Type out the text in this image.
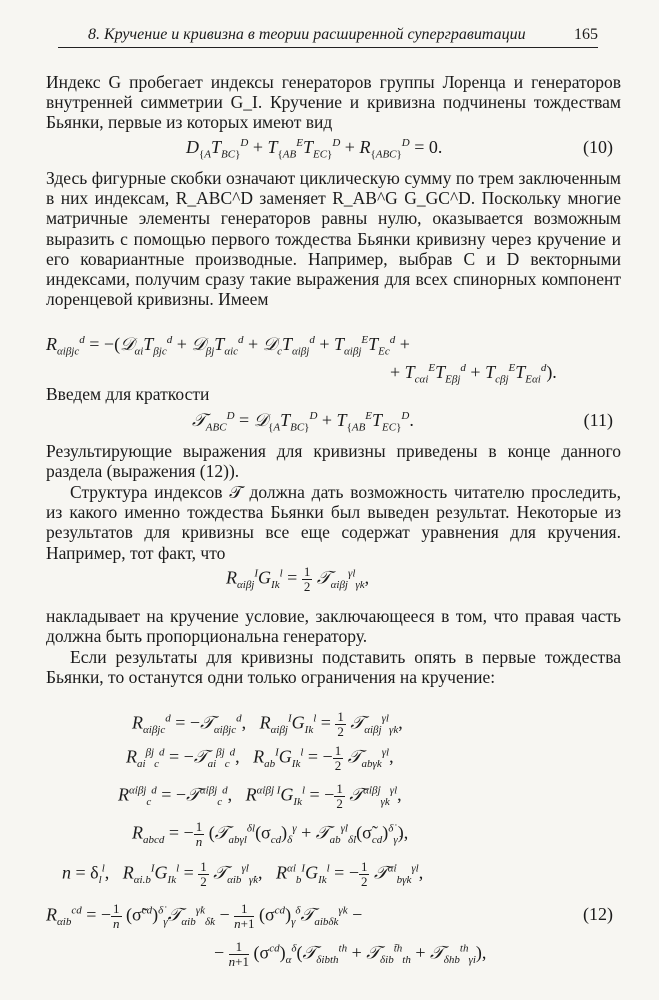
8. Кручение и кривизна в теории расширенной супергравитации	165
Индекс G пробегает индексы генераторов группы Лоренца и генераторов внутренней симметрии G_I. Кручение и кривизна подчинены тождествам Бьянки, первые из которых имеют вид
$D_{\{A}T_{BC\}}^D + T_{\{AB}^ET_{EC\}}^D + R_{\{ABC\}}^D = 0$.	(10)
Здесь фигурные скобки означают циклическую сумму по трем заключенным в них индексам, R_ABC^D заменяет R_AB^G G_GC^D. Поскольку многие матричные элементы генераторов равны нулю, оказывается возможным выразить с помощью первого тождества Бьянки кривизну через кручение и его ковариантные производные. Например, выбрав C и D векторными индексами, получим сразу такие выражения для всех спинорных компонент лоренцевой кривизны. Имеем
$R_{\alpha i\beta jc}^d$ = $-(𝒟_{\alpha i}T_{\beta jc}^d$ + $𝒟_{\beta j}T_{\alpha ic}^d$ + $𝒟_cT_{\alpha i\beta j}^d + T_{\alpha i\beta j}^ET_{Ec}^d$ +
+ $T_{c\alpha i}^ET_{E\beta j}^d + T_{c\beta j}^ET_{E\alpha i}^d$).
Введем для краткости
𝒯$_{ABC}^D$ = $𝒟_{\{A}T_{BC\}}^D + T_{\{AB}^ET_{EC\}}^D$.	(11)
Результирующие выражения для кривизны приведены в конце данного раздела (выражения (12)).
Структура индексов 𝒯 должна дать возможность читателю проследить, из какого именно тождества Бьянки был выведен результат. Некоторые из результатов для кривизны все еще содержат уравнения для кручения. Например, тот факт, что
$R_{\alpha i\beta j}^IG_{Ik}^l = \frac{1}{2}$ 𝒯$_{\alpha i\beta j}^{\gamma l}_{\gamma k}$,
накладывает на кручение условие, заключающееся в том, что правая часть должна быть пропорциональна генератору.
Если результаты для кривизны подставить опять в первые тождества Бьянки, то останутся одни только ограничения на кручение:
$R_{\alpha i\beta jc}^d$ = −𝒯$_{\alpha i\beta jc}^d$,   $R_{\alpha i\beta j}^IG_{Ik}^l = \frac{1}{2}$ 𝒯$_{\alpha i\beta j}^{\gamma l}_{\gamma k}$,
$R_{ai}^{\beta j}_c^d$ = −𝒯$_{ai}^{\beta j}_c^d$,   $R_{ab}^IG_{Ik}^l$ = − $\frac{1}{2}$ 𝒯$_{ab\gamma k}^{\gamma l}$,
$R^{\alphȧi\beta j}_c^d$ = −𝒯$^{\alphȧi\beta j}_c^d$,   $R^{\alphȧi\betȧj I}G_{Ik}^l$ = − $\frac{1}{2}$ 𝒯$^{\alphȧi\betȧj}_{\gamma k}^{\gamma l}$,
$R_{abcd}$ = − $\frac{1}{n}$ ($𝒯_{ab\gamma l}^{\delta l}(\sigma_{cd})_\delta^\gamma$ + $𝒯_{ab}^{\gammȧl}_{\deltȧl}(\sigmã_{cd})^{\deltȧ}_{\gammȧ}$),
$n = \delta_l^l$,   $R_{\alpha i.b}^IG_{Ik}^l = \frac{1}{2}$ 𝒯$_{\alpha ib}^{\gammȧl}_{\gammȧk}$,   $R^{\alphȧi}_b^IG_{Ik}^l$ = − $\frac{1}{2}$ 𝒯$^{\alphȧi}_{b\gamma k}^{\gamma l}$,
$R_{\alpha ib}^{cd}$ = − $\frac{1}{n}$ (σ̃$^{cd}$)$^{\deltȧ}_{\gammȧ}$𝒯$_{\alpha ib}^{\gammȧk}_{\deltȧk}$ − $\frac{1}{n+1}$ $(\sigma^{cd})_\gamma^\delta 𝒯_{aib\delta k}^{\gamma k}$ −	(12)
− $\frac{1}{n+1}$ $(\sigma^{cd})_\alpha^\delta(𝒯_{\delta ibth}^{th}$ + 𝒯$_{\delta ib}^{t̃h}_{th}$ + 𝒯$_{\delta hb}^{th}_{\gamma i}$),
